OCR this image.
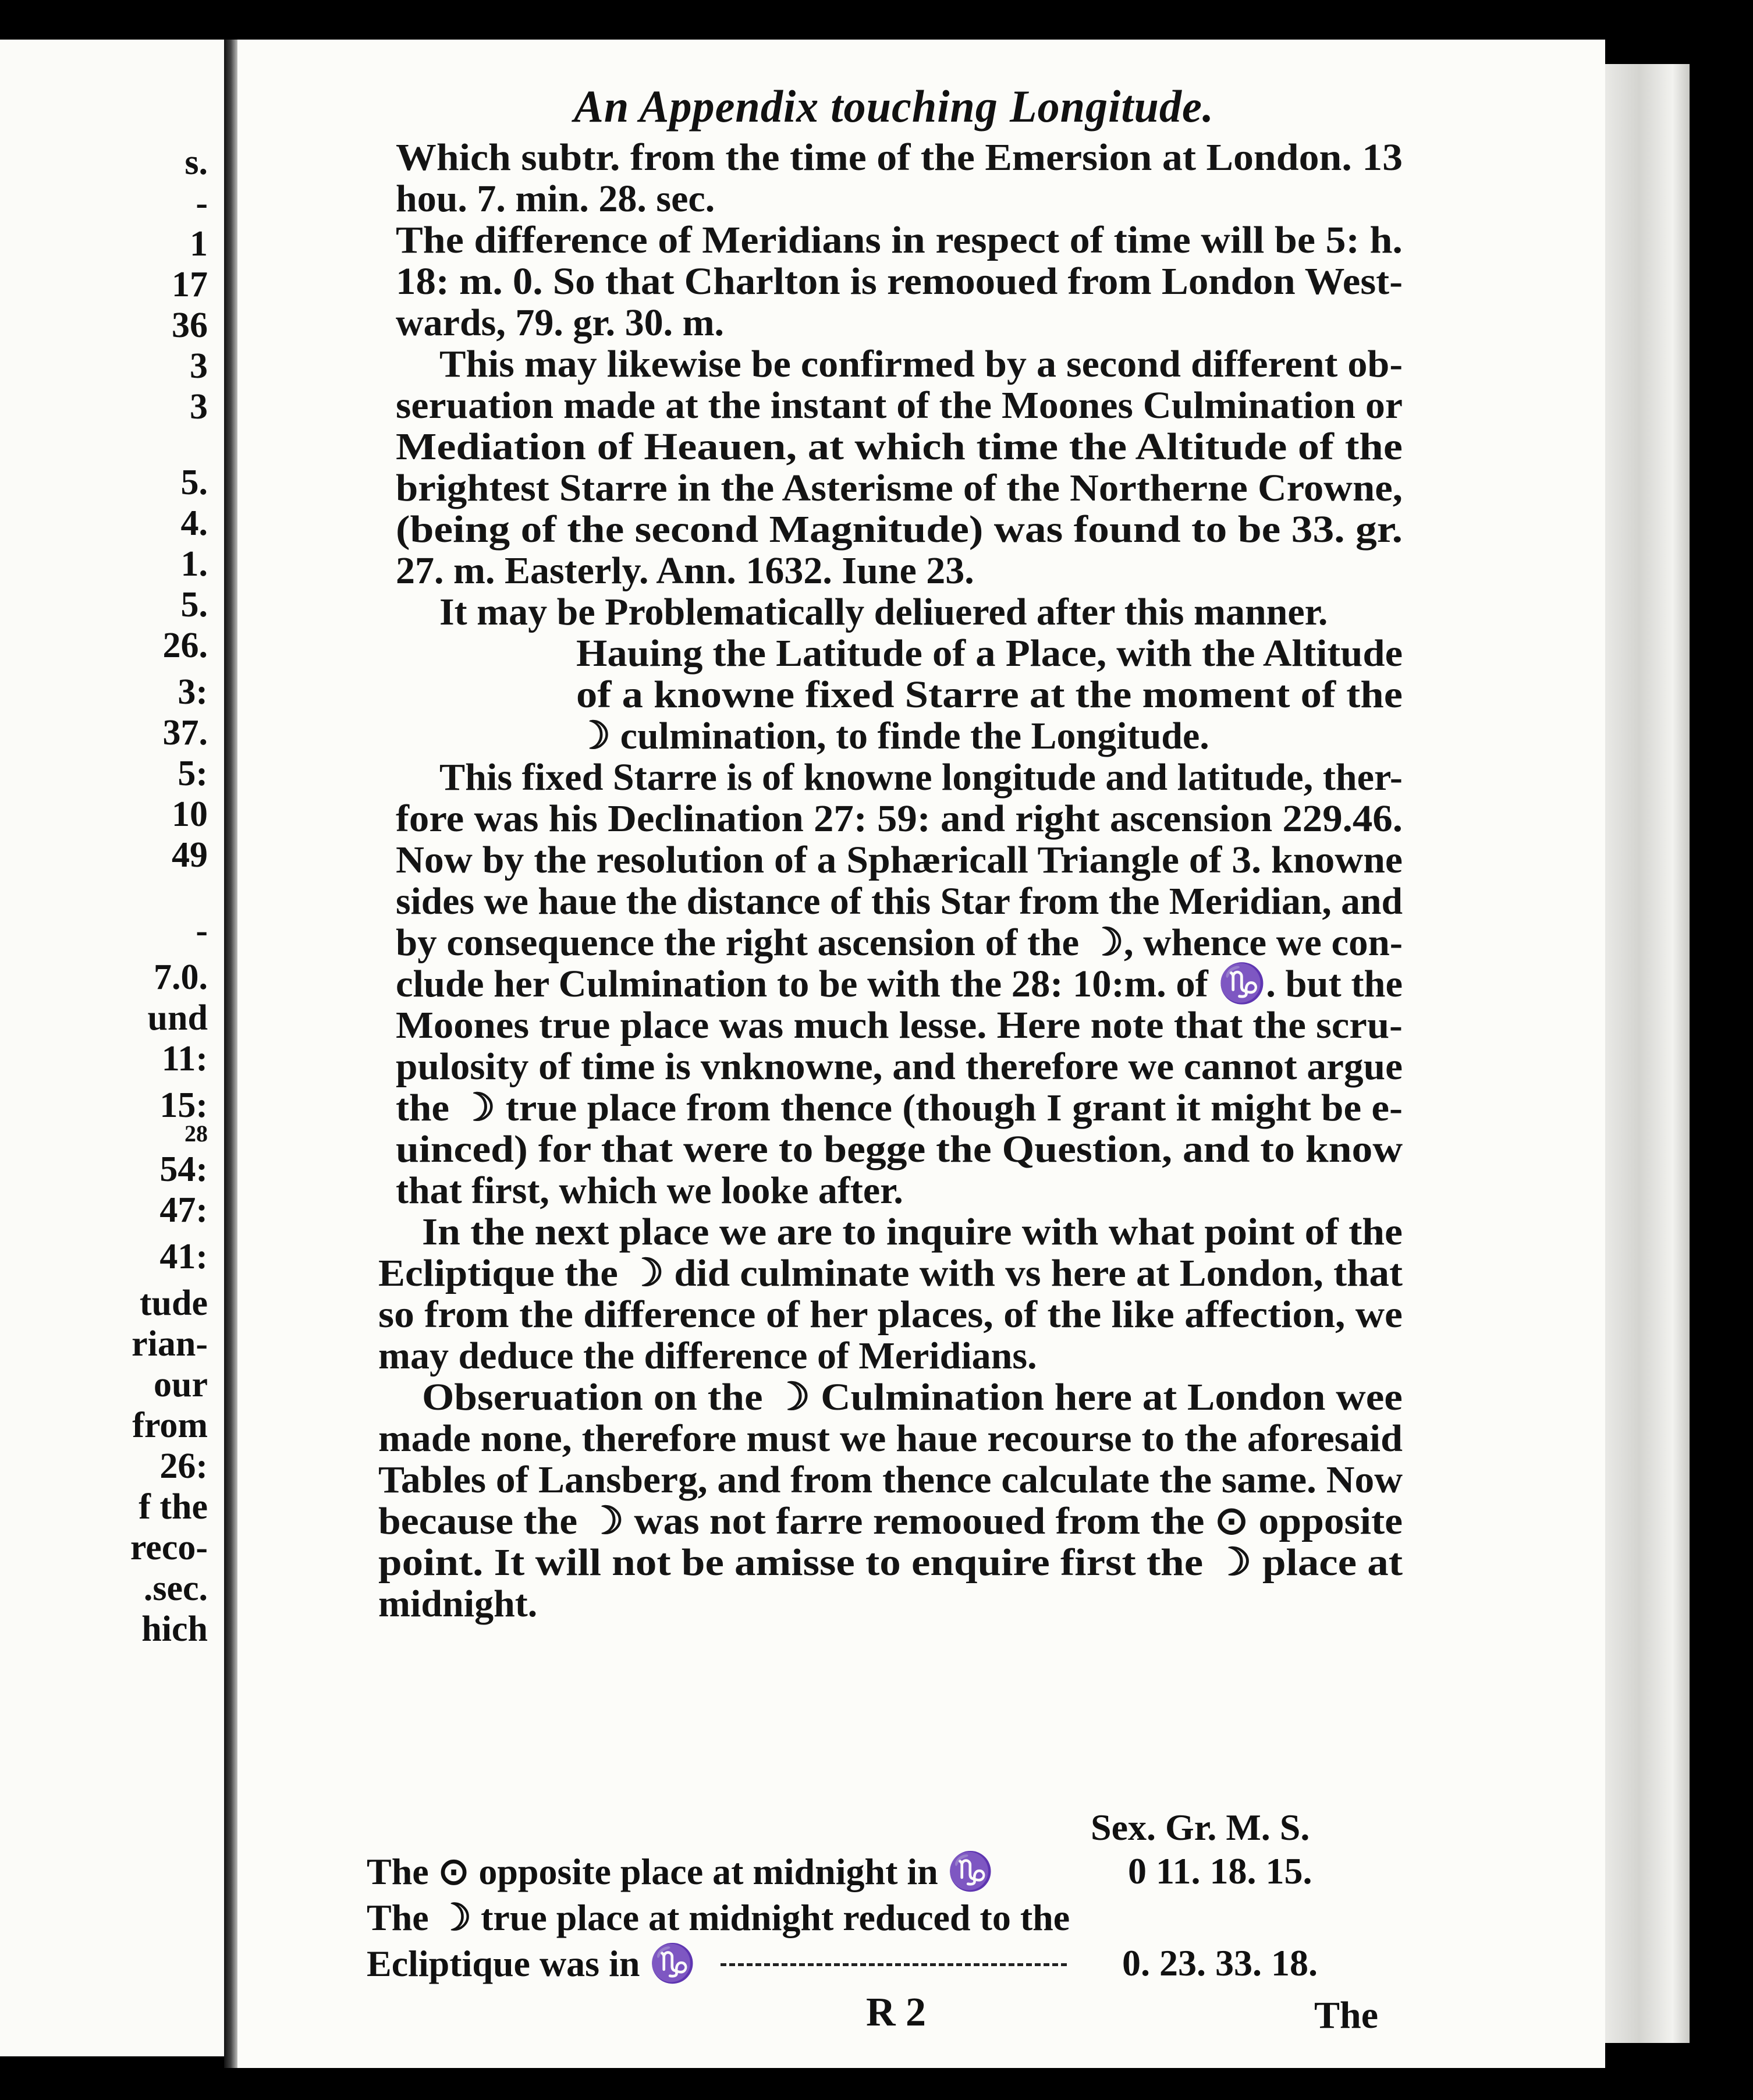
s.
-
1
17
36
3
3
5.
4.
1.
5.
26.
3:
37.
5:
10
49
-
7.0.
und
11:
15:
28
54:
47:
41:
tude
rian-
our
from
26:
f the
reco-
.sec.
hich
An Appendix touching Longitude.
Which subtr. from the time of the Emersion at London. 13
hou. 7. min. 28. sec.
The difference of Meridians in respect of time will be 5: h.
18: m. 0. So that Charlton is remooued from London West-
wards, 79. gr. 30. m.
This may likewise be confirmed by a second different ob-
seruation made at the instant of the Moones Culmination or
Mediation of Heauen, at which time the Altitude of the
brightest Starre in the Asterisme of the Northerne Crowne,
(being of the second Magnitude) was found to be 33. gr.
27. m. Easterly. Ann. 1632. Iune 23.
It may be Problematically deliuered after this manner.
Hauing the Latitude of a Place, with the Altitude
of a knowne fixed Starre at the moment of the
☽ culmination, to finde the Longitude.
This fixed Starre is of knowne longitude and latitude, ther-
fore was his Declination 27: 59: and right ascension 229.46.
Now by the resolution of a Sphæricall Triangle of 3. knowne
sides we haue the distance of this Star from the Meridian, and
by consequence the right ascension of the ☽, whence we con-
clude her Culmination to be with the 28: 10:m. of ♑. but the
Moones true place was much lesse. Here note that the scru-
pulosity of time is vnknowne, and therefore we cannot argue
the ☽ true place from thence (though I grant it might be e-
uinced) for that were to begge the Question, and to know
that first, which we looke after.
In the next place we are to inquire with what point of the
Ecliptique the ☽ did culminate with vs here at London, that
so from the difference of her places, of the like affection, we
may deduce the difference of Meridians.
Obseruation on the ☽ Culmination here at London wee
made none, therefore must we haue recourse to the aforesaid
Tables of Lansberg, and from thence calculate the same. Now
because the ☽ was not farre remooued from the ⊙ opposite
point. It will not be amisse to enquire first the ☽ place at
midnight.
Sex. Gr. M. S.
The ⊙ opposite place at midnight in ♑	0 11. 18. 15.
The ☽ true place at midnight reduced to the
Ecliptique was in ♑	0. 23. 33. 18.
R 2	The
